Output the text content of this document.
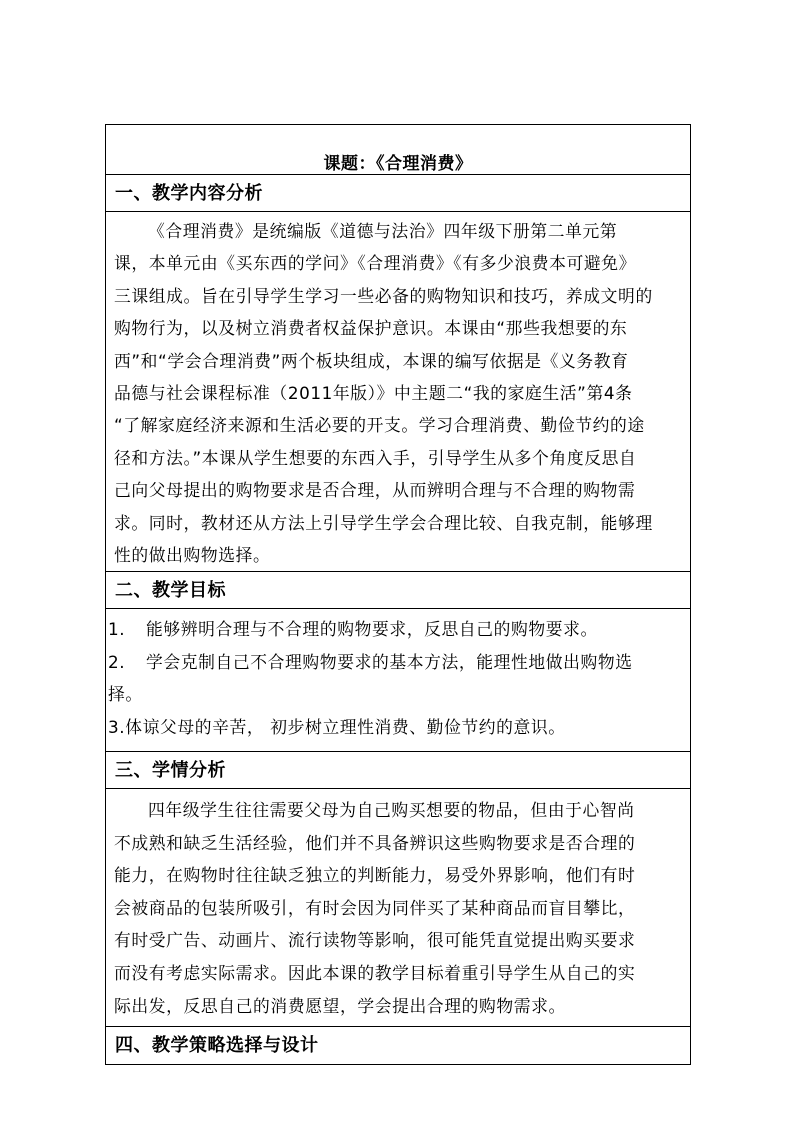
课题：《合理消费》
一、教学内容分析
《合理消费》是统编版《道德与法治》四年级下册第二单元第
课，本单元由《买东西的学问》《合理消费》《有多少浪费本可避免》
三课组成。旨在引导学生学习一些必备的购物知识和技巧，养成文明的
购物行为，以及树立消费者权益保护意识。本课由“那些我想要的东
西”和“学会合理消费”两个板块组成，本课的编写依据是《义务教育
品德与社会课程标准（2011年版）》中主题二“我的家庭生活”第4条
“了解家庭经济来源和生活必要的开支。学习合理消费、勤俭节约的途
径和方法。”本课从学生想要的东西入手，引导学生从多个角度反思自
己向父母提出的购物要求是否合理，从而辨明合理与不合理的购物需
求。同时，教材还从方法上引导学生学会合理比较、自我克制，能够理
性的做出购物选择。
二、教学目标
1. 能够辨明合理与不合理的购物要求，反思自己的购物要求。
2. 学会克制自己不合理购物要求的基本方法，能理性地做出购物选
择。
3.体谅父母的辛苦， 初步树立理性消费、勤俭节约的意识。
三、学情分析
四年级学生往往需要父母为自己购买想要的物品，但由于心智尚
不成熟和缺乏生活经验，他们并不具备辨识这些购物要求是否合理的
能力，在购物时往往缺乏独立的判断能力，易受外界影响，他们有时
会被商品的包装所吸引，有时会因为同伴买了某种商品而盲目攀比，
有时受广告、动画片、流行读物等影响，很可能凭直觉提出购买要求
而没有考虑实际需求。因此本课的教学目标着重引导学生从自己的实
际出发，反思自己的消费愿望，学会提出合理的购物需求。
四、教学策略选择与设计
